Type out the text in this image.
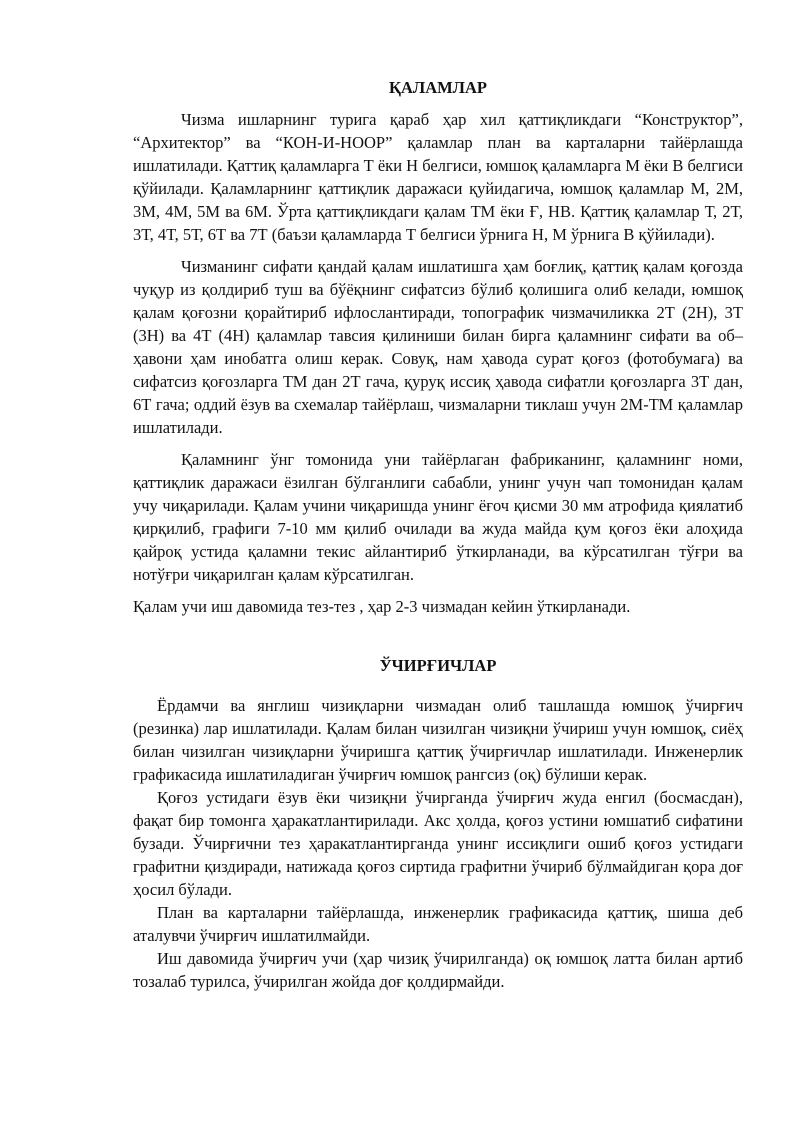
ҚАЛАМЛАР

Чизма ишларнинг турига қараб ҳар хил қаттиқликдаги “Конструктор”, “Архитектор” ва “КОН-И-НООР” қаламлар план ва карталарни тайёрлашда ишлатилади. Қаттиқ қаламларга Т ёки Н белгиси, юмшоқ қаламларга М ёки В белгиси қўйилади. Қаламларнинг қаттиқлик даражаси қуйидагича, юмшоқ қаламлар М, 2М, 3М, 4М, 5М ва 6М. Ўрта қаттиқликдаги қалам ТМ ёки Ғ, НВ. Қаттиқ қаламлар Т, 2Т, 3Т, 4Т, 5Т, 6Т ва 7Т (баъзи қаламларда Т белгиси ўрнига Н, М ўрнига В қўйилади).

Чизманинг сифати қандай қалам ишлатишга ҳам боғлиқ, қаттиқ қалам қоғозда чуқур из қолдириб туш ва бўёқнинг сифатсиз бўлиб қолишига олиб келади, юмшоқ қалам қоғозни қорайтириб ифлослантиради, топографик чизмачиликка 2Т (2Н), 3Т (3Н) ва 4Т (4Н) қаламлар тавсия қилиниши билан бирга қаламнинг сифати ва об–ҳавони ҳам инобатга олиш керак. Совуқ, нам ҳавода сурат қоғоз (фотобумага) ва сифатсиз қоғозларга ТМ дан 2Т гача, қуруқ иссиқ ҳавода сифатли қоғозларга 3Т дан, 6Т гача; оддий ёзув ва схемалар тайёрлаш, чизмаларни тиклаш учун 2М-ТМ қаламлар ишлатилади.

Қаламнинг ўнг томонида уни тайёрлаган фабриканинг, қаламнинг номи, қаттиқлик даражаси ёзилган бўлганлиги сабабли, унинг учун чап томонидан қалам учу чиқарилади. Қалам учини чиқаришда унинг ёғоч қисми 30 мм атрофида қиялатиб қирқилиб, графиги 7-10 мм қилиб очилади ва жуда майда қум қоғоз ёки алоҳида қайроқ устида қаламни текис айлантириб ўткирланади, ва кўрсатилган тўғри ва нотўғри чиқарилган қалам кўрсатилган.

Қалам учи иш давомида тез-тез , ҳар 2-3 чизмадан кейин ўткирланади.

ЎЧИРҒИЧЛАР

Ёрдамчи ва янглиш чизиқларни чизмадан олиб ташлашда юмшоқ ўчирғич (резинка) лар ишлатилади. Қалам билан чизилган чизиқни ўчириш учун юмшоқ, сиёҳ билан чизилган чизиқларни ўчиришга қаттиқ ўчирғичлар ишлатилади. Инженерлик графикасида ишлатиладиган ўчирғич юмшоқ рангсиз (оқ) бўлиши керак.

Қоғоз устидаги ёзув ёки чизиқни ўчирганда ўчирғич жуда енгил (босмасдан), фақат бир томонга ҳаракатлантирилади. Акс ҳолда, қоғоз устини юмшатиб сифатини бузади. Ўчирғични тез ҳаракатлантирганда унинг иссиқлиги ошиб қоғоз устидаги графитни қиздиради, натижада қоғоз сиртида графитни ўчириб бўлмайдиган қора доғ ҳосил бўлади.

План ва карталарни тайёрлашда, инженерлик графикасида қаттиқ, шиша деб аталувчи ўчирғич ишлатилмайди.

Иш давомида ўчирғич учи (ҳар чизиқ ўчирилганда) оқ юмшоқ латта билан артиб тозалаб турилса, ўчирилган жойда доғ қолдирмайди.
